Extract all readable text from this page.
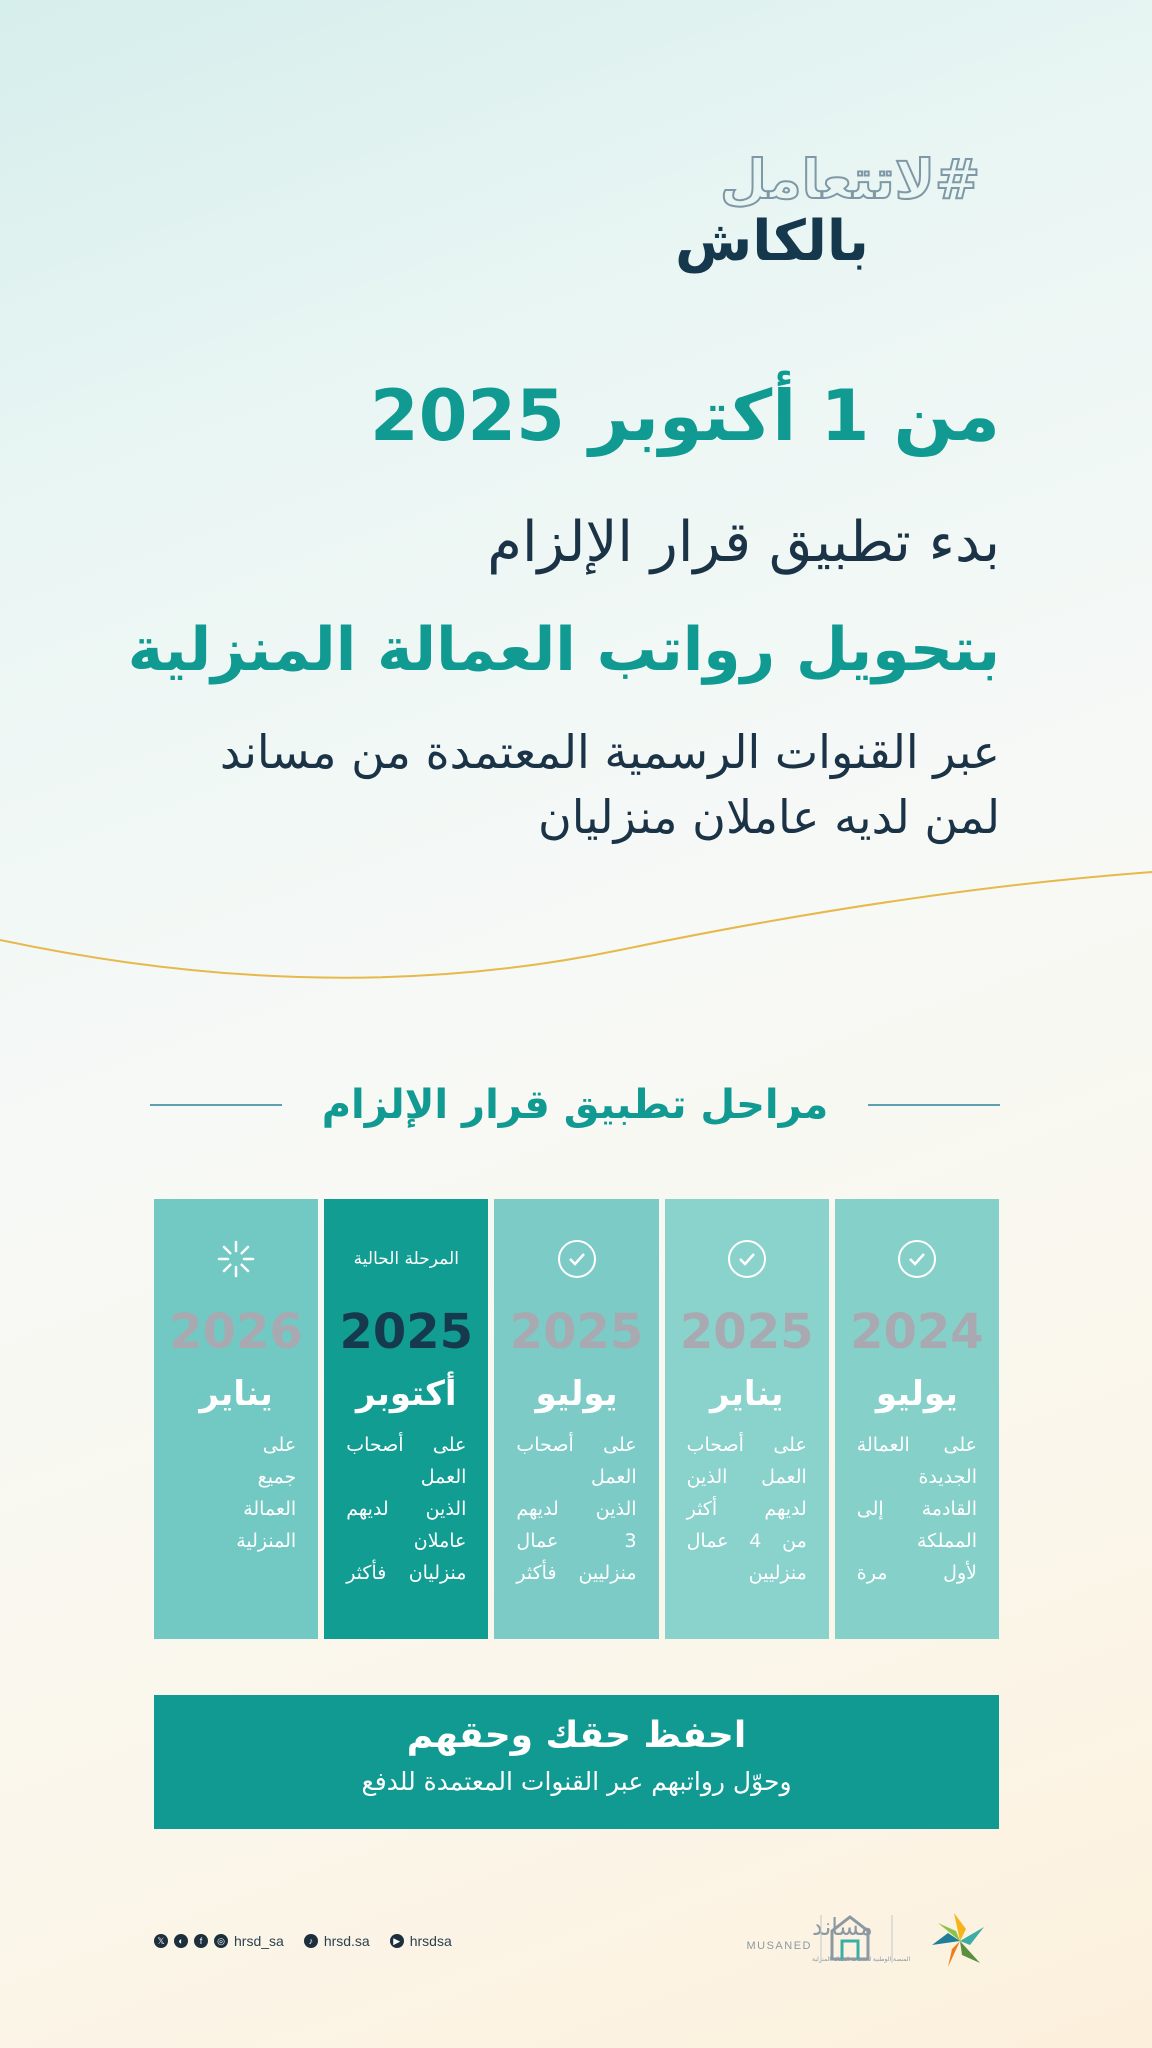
#لاتتعامل
بالكاش
من 1 أكتوبر 2025
بدء تطبيق قرار الإلزام
بتحويل رواتب العمالة المنزلية
عبر القنوات الرسمية المعتمدة من مساند
لمن لديه عاملان منزليان
مراحل تطبيق قرار الإلزام
2024
يوليو
على العمالة
الجديدة
القادمة إلى
المملكة
لأول مرة
2025
يناير
على أصحاب
العمل الذين
لديهم أكثر
من 4 عمال
منزليين
2025
يوليو
على أصحاب
العمل
الذين لديهم
3 عمال
منزليين فأكثر
المرحلة الحالية
2025
أكتوبر
على أصحاب
العمل
الذين لديهم
عاملان
منزليان فأكثر
2026
يناير
على
جميع
العمالة
المنزلية
احفظ حقك وحقهم
وحوّل رواتبهم عبر القنوات المعتمدة للدفع
𝕏	◐	f	◎ hrsd_sa	♪ hrsd.sa	▶ hrsdsa	مساند
MUSANED
المنصة الوطنية لخدمات العمالة المنزلية
